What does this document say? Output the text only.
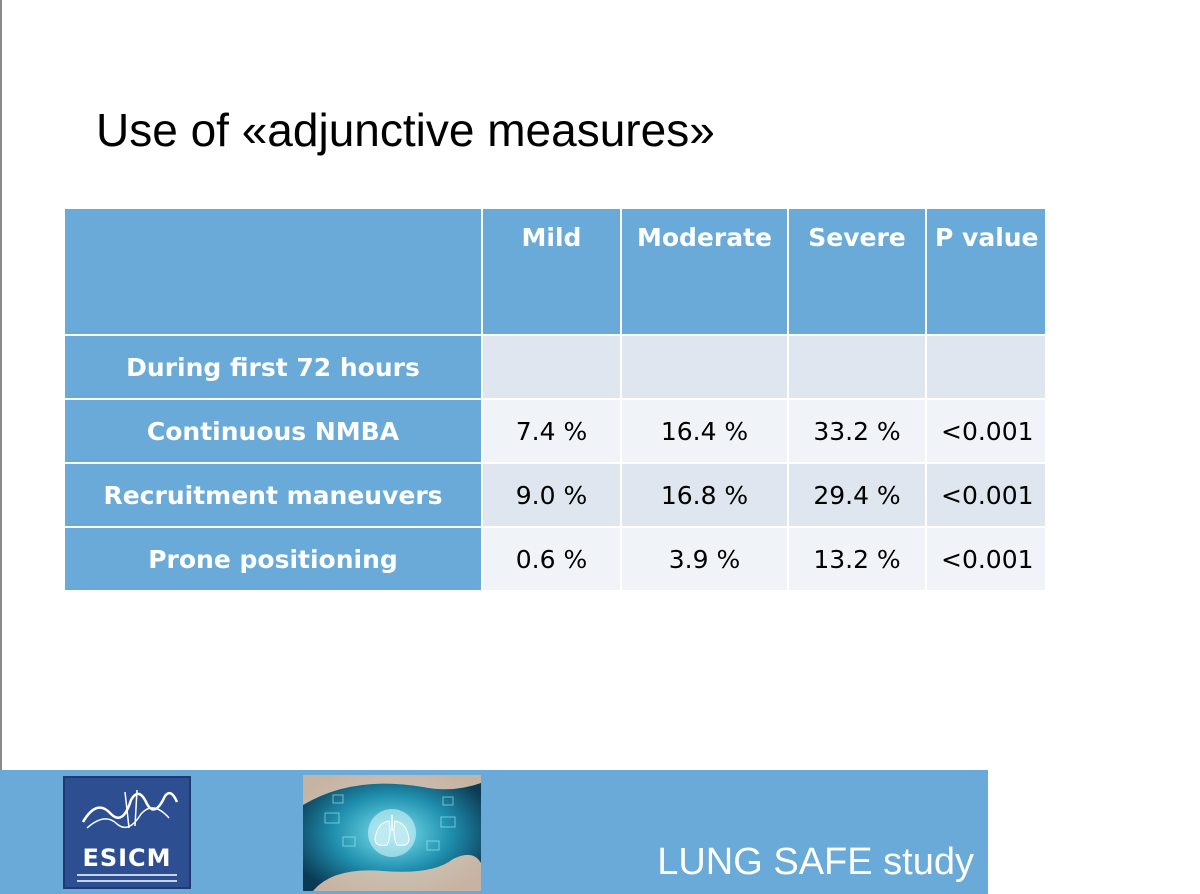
Use of «adjunctive measures»
	Mild	Moderate	Severe	P value
During first 72 hours				
Continuous NMBA	7.4 %	16.4 %	33.2 %	<0.001
Recruitment maneuvers	9.0 %	16.8 %	29.4 %	<0.001
Prone positioning	0.6 %	3.9 %	13.2 %	<0.001
ESICM	LUNG SAFE study
